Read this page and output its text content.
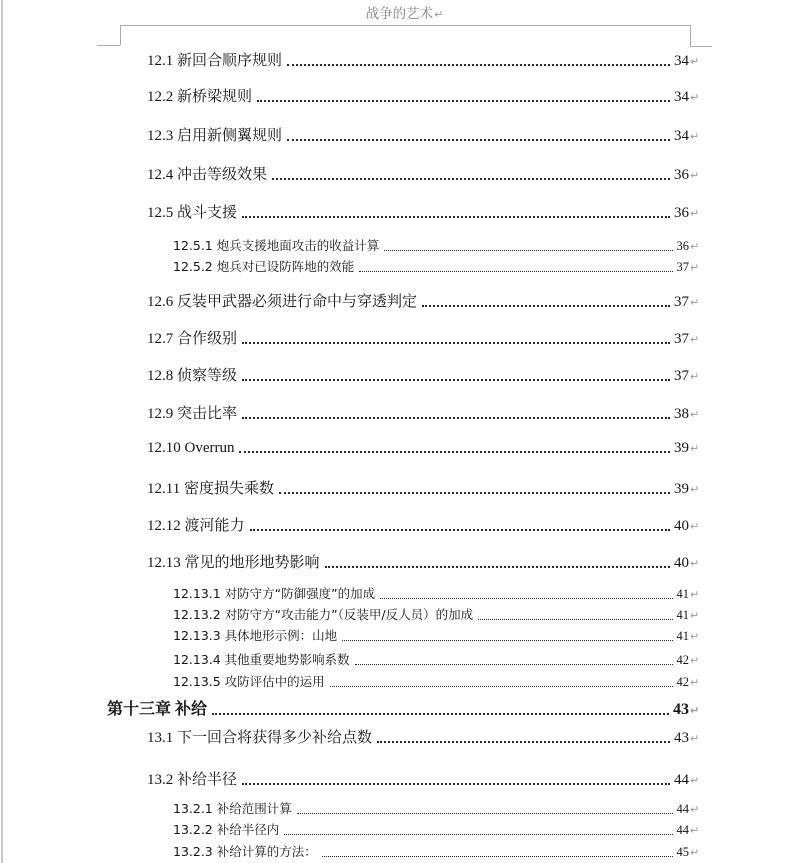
战争的艺术↵
12.1 新回合顺序规则	34 ↵
12.2 新桥梁规则	34 ↵
12.3 启用新侧翼规则	34 ↵
12.4 冲击等级效果	36 ↵
12.5 战斗支援	36 ↵
12.5.1 炮兵支援地面攻击的收益计算	36 ↵
12.5.2 炮兵对已设防阵地的效能	37 ↵
12.6 反装甲武器必须进行命中与穿透判定	37 ↵
12.7 合作级别	37 ↵
12.8 侦察等级	37 ↵
12.9 突击比率	38 ↵
12.10 Overrun	39 ↵
12.11 密度损失乘数	39 ↵
12.12 渡河能力	40 ↵
12.13 常见的地形地势影响	40 ↵
12.13.1 对防守方“防御强度”的加成	41 ↵
12.13.2 对防守方“攻击能力”（反装甲/反人员）的加成	41 ↵
12.13.3 具体地形示例：山地	41 ↵
12.13.4 其他重要地势影响系数	42 ↵
12.13.5 攻防评估中的运用	42 ↵
第十三章 补给	43 ↵
13.1 下一回合将获得多少补给点数	43 ↵
13.2 补给半径	44 ↵
13.2.1 补给范围计算	44 ↵
13.2.2 补给半径内	44 ↵
13.2.3 补给计算的方法：	45 ↵
